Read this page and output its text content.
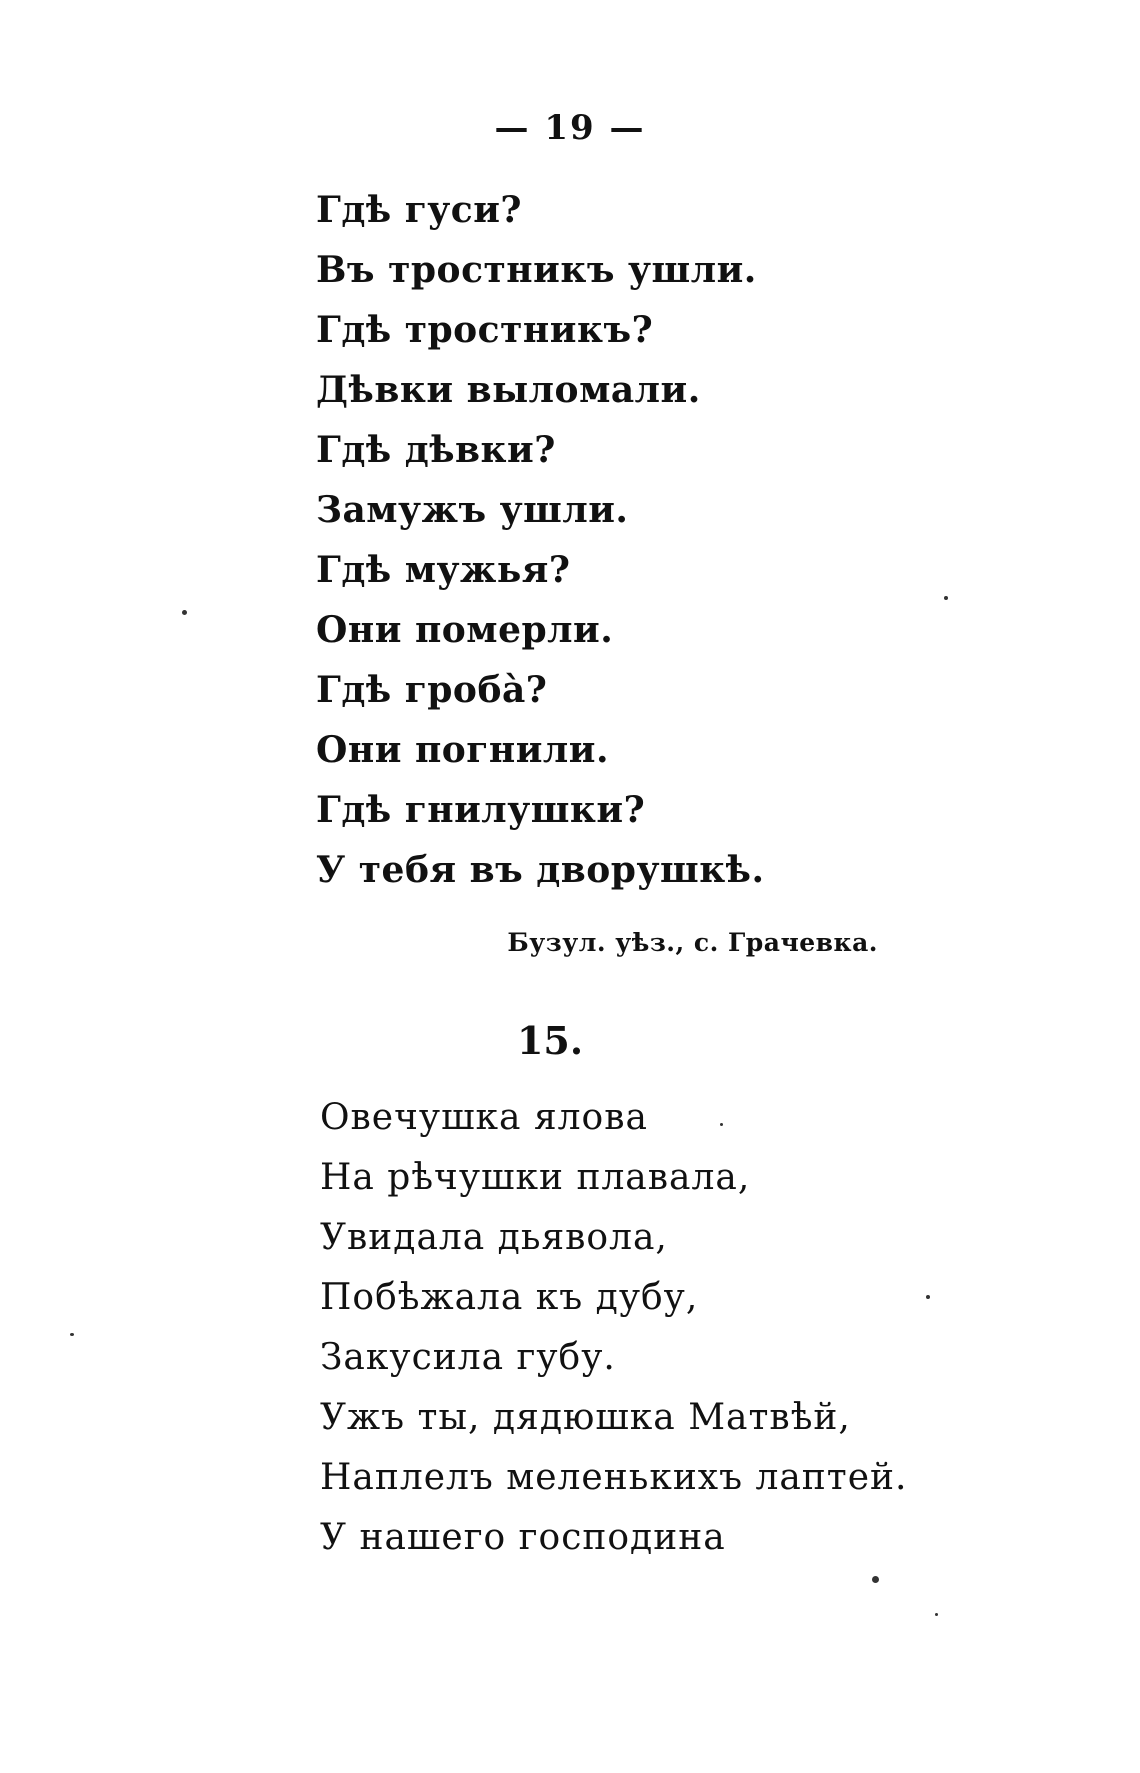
— 19 —
Гдѣ гуси?
Въ тростникъ ушли.
Гдѣ тростникъ?
Дѣвки выломали.
Гдѣ дѣвки?
Замужъ ушли.
Гдѣ мужья?
Они померли.
Гдѣ гробà?
Они погнили.
Гдѣ гнилушки?
У тебя въ дворушкѣ.
Бузул. уѣз., с. Грачевка.
15.
Овечушка ялова
На рѣчушки плавала,
Увидала дьявола,
Побѣжала къ дубу,
Закусила губу.
Ужъ ты, дядюшка Матвѣй,
Наплелъ меленькихъ лаптей.
У нашего господина
